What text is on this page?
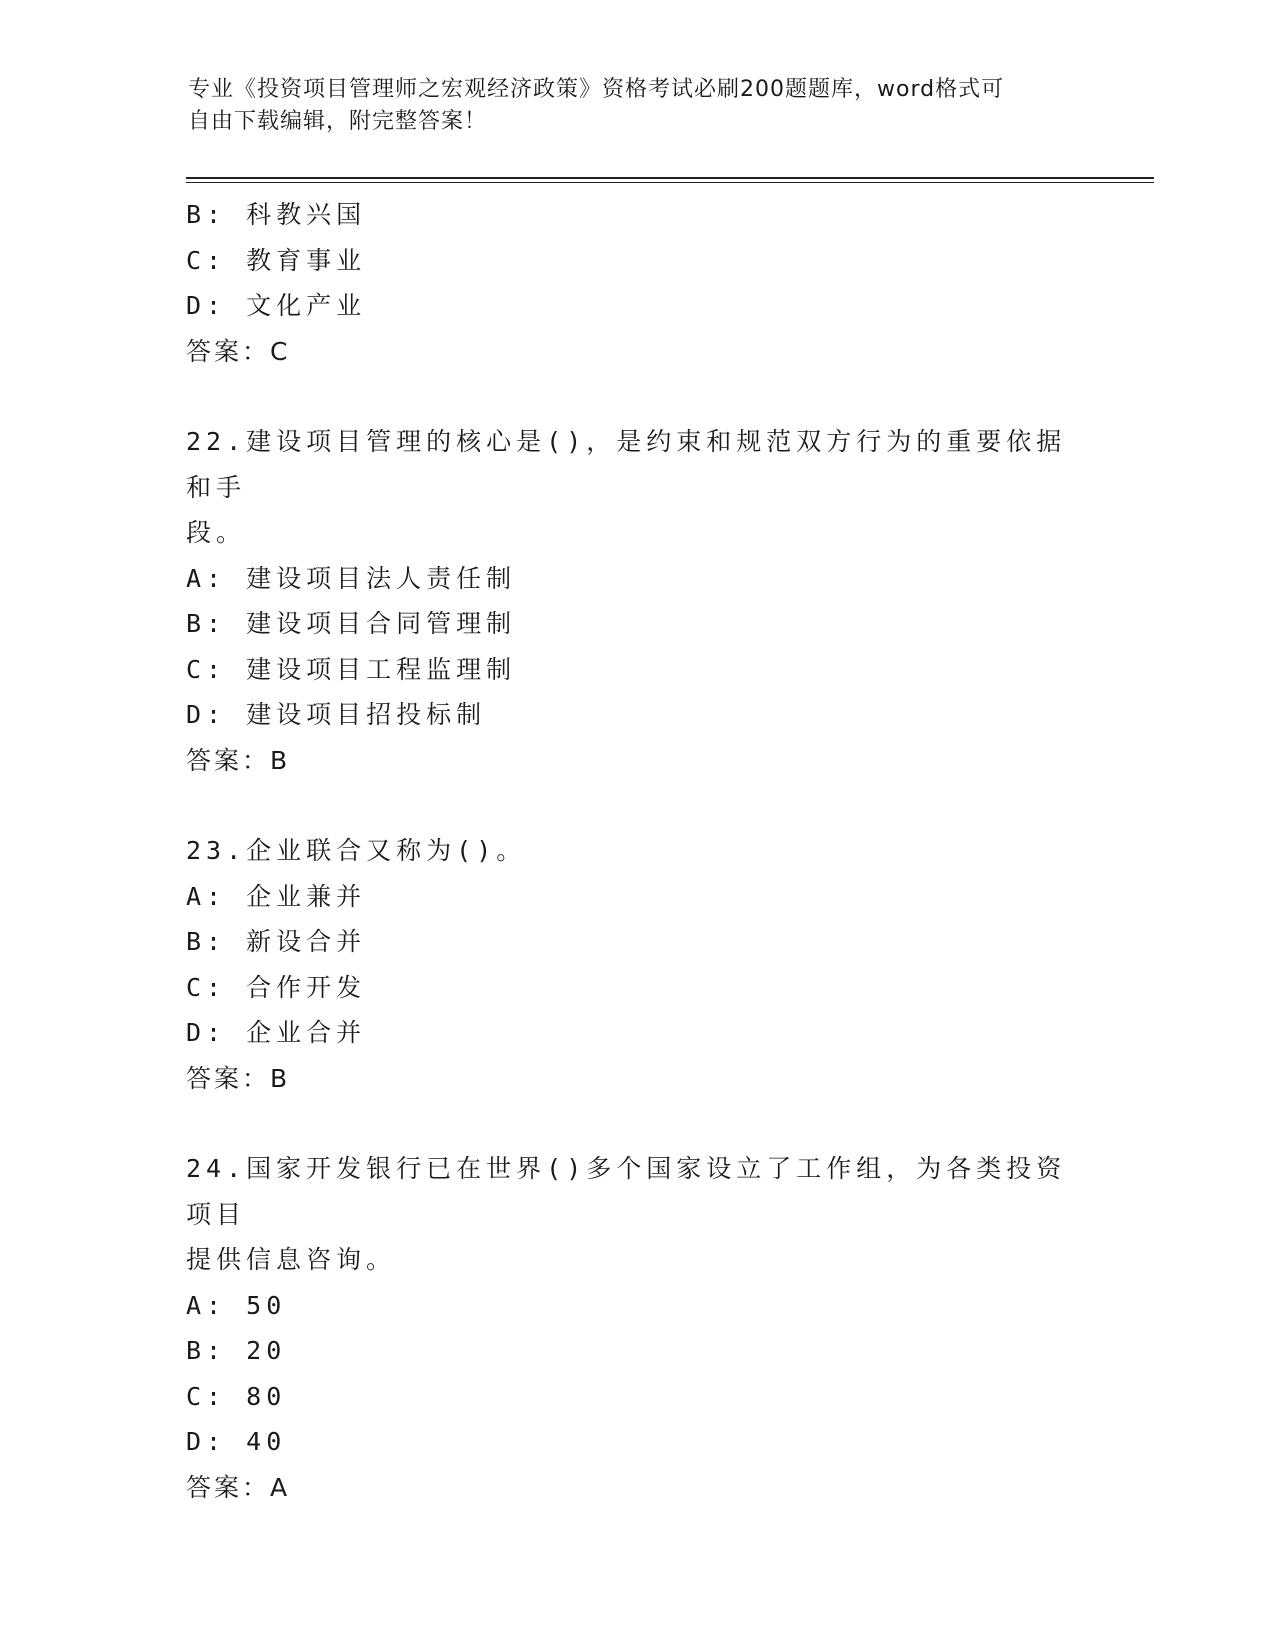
专业《投资项目管理师之宏观经济政策》资格考试必刷200题题库，word格式可
自由下载编辑，附完整答案！
B: 科教兴国
C: 教育事业
D: 文化产业
答案：C
22.建设项目管理的核心是()，是约束和规范双方行为的重要依据和手
段。
A: 建设项目法人责任制
B: 建设项目合同管理制
C: 建设项目工程监理制
D: 建设项目招投标制
答案：B
23.企业联合又称为()。
A: 企业兼并
B: 新设合并
C: 合作开发
D: 企业合并
答案：B
24.国家开发银行已在世界()多个国家设立了工作组，为各类投资项目
提供信息咨询。
A: 50
B: 20
C: 80
D: 40
答案：A
